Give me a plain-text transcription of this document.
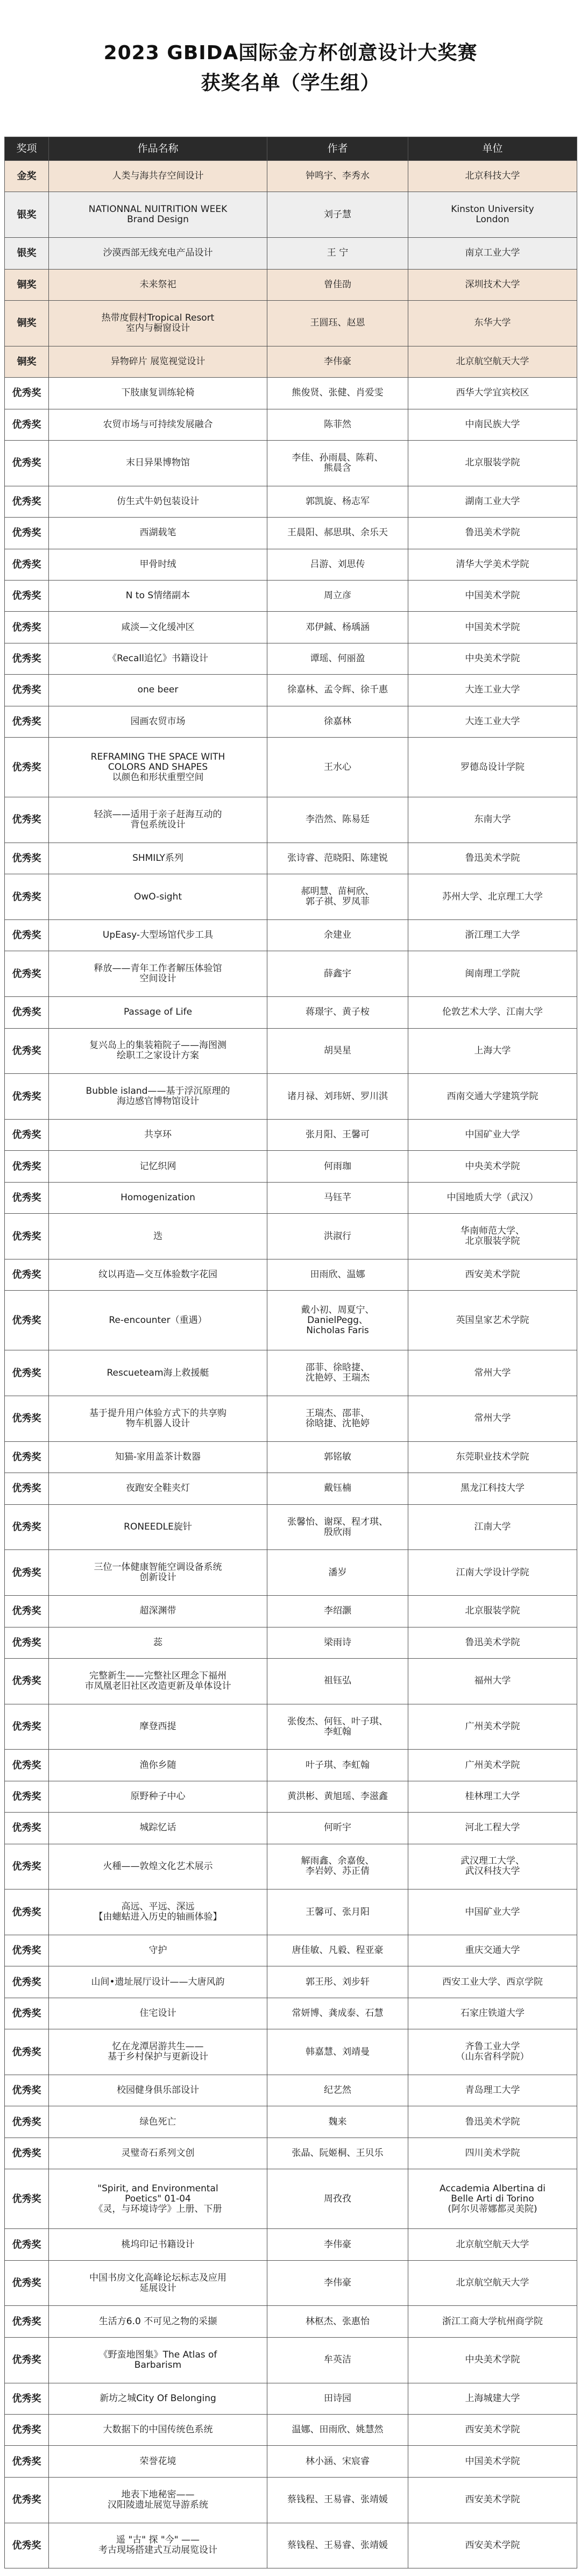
2023 GBIDA国际金方杯创意设计大奖赛
获奖名单（学生组）
奖项	作品名称	作者	单位
金奖	人类与海共存空间设计	钟鸣宇、李秀水	北京科技大学
银奖	NATIONNAL NUITRITION WEEK
Brand Design	刘子慧	Kinston University
London
银奖	沙漠西部无线充电产品设计	王 宁	南京工业大学
铜奖	未来祭祀	曾佳劭	深圳技术大学
铜奖	热带度假村Tropical Resort
室内与橱窗设计	王圆珏、赵恩	东华大学
铜奖	异物碎片 展览视觉设计	李伟豪	北京航空航天大学
优秀奖	下肢康复训练轮椅	熊俊贤、张健、肖爱雯	西华大学宜宾校区
优秀奖	农贸市场与可持续发展融合	陈菲然	中南民族大学
优秀奖	末日异果博物馆	李佳、孙雨晨、陈莉、
熊晨含	北京服装学院
优秀奖	仿生式牛奶包装设计	郭凯旋、杨志军	湖南工业大学
优秀奖	西湖载笔	王晨阳、郝思琪、余乐天	鲁迅美术学院
优秀奖	甲骨时绒	吕游、刘思传	清华大学美术学院
优秀奖	N to S情绪副本	周立彦	中国美术学院
优秀奖	咸淡—文化缓冲区	邓伊鋮、杨瑀涵	中国美术学院
优秀奖	《Recall追忆》书籍设计	谭瑶、何丽盈	中央美术学院
优秀奖	one beer	徐嘉林、孟令辉、徐千惠	大连工业大学
优秀奖	园画农贸市场	徐嘉林	大连工业大学
优秀奖	REFRAMING THE SPACE WITH
COLORS AND SHAPES
以颜色和形状重塑空间	王水心	罗德岛设计学院
优秀奖	轻滨——适用于亲子赶海互动的
背包系统设计	李浩然、陈易廷	东南大学
优秀奖	SHMILY系列	张诗睿、范晓阳、陈建锐	鲁迅美术学院
优秀奖	OwO-sight	郝明慧、苗柯欣、
郭子祺、罗凤菲	苏州大学、北京理工大学
优秀奖	UpEasy-大型场馆代步工具	余建业	浙江理工大学
优秀奖	释放——青年工作者解压体验馆
空间设计	薛鑫宇	闽南理工学院
优秀奖	Passage of Life	蒋璟宇、黄子桉	伦敦艺术大学、江南大学
优秀奖	复兴岛上的集装箱院子——海图测
绘职工之家设计方案	胡昊星	上海大学
优秀奖	Bubble island——基于浮沉原理的
海边感官博物馆设计	诸月禄、刘玮妍、罗川淇	西南交通大学建筑学院
优秀奖	共享环	张月阳、王馨可	中国矿业大学
优秀奖	记忆织网	何雨珈	中央美术学院
优秀奖	Homogenization	马钰芊	中国地质大学（武汉）
优秀奖	迭	洪淑行	华南师范大学、
北京服装学院
优秀奖	纹以再造—交互体验数字花园	田雨欣、温娜	西安美术学院
优秀奖	Re-encounter（重遇）	戴小初、周夏宁、
DanielPegg、
Nicholas Faris	英国皇家艺术学院
优秀奖	Rescueteam海上救援艇	邵菲、徐晗捷、
沈艳婷、王瑞杰	常州大学
优秀奖	基于提升用户体验方式下的共享购
物车机器人设计	王瑞杰、邵菲、
徐晗捷、沈艳婷	常州大学
优秀奖	知猫-家用盖茶计数器	郭铭敏	东莞职业技术学院
优秀奖	夜跑安全鞋夹灯	戴钰楠	黑龙江科技大学
优秀奖	RONEEDLE旋针	张馨怡、谢琛、程才琪、
殷欣雨	江南大学
优秀奖	三位一体健康智能空调设备系统
创新设计	潘岁	江南大学设计学院
优秀奖	超深渊带	李绍灏	北京服装学院
优秀奖	蕊	梁雨诗	鲁迅美术学院
优秀奖	完整新生——完整社区理念下福州
市凤凰老旧社区改造更新及单体设计	祖钰弘	福州大学
优秀奖	摩登西提	张俊杰、何钰、叶子琪、
李虹翰	广州美术学院
优秀奖	渔你乡随	叶子琪、李虹翰	广州美术学院
优秀奖	原野种子中心	黄洪彬、黄旭瑶、李滋鑫	桂林理工大学
优秀奖	城踪忆话	何昕宇	河北工程大学
优秀奖	火種——敦煌文化艺术展示	解雨鑫、余嘉俊、
李岩婷、苏正倩	武汉理工大学、
武汉科技大学
优秀奖	高远、平远、深远
【由蟪蛄进入历史的轴画体验】	王馨可、张月阳	中国矿业大学
优秀奖	守护	唐佳敏、凡毅、程亚豪	重庆交通大学
优秀奖	山间•遗址展厅设计——大唐风韵	郭王彤、刘步轩	西安工业大学、西京学院
优秀奖	住宅设计	常妍博、龚成泰、石慧	石家庄铁道大学
优秀奖	忆在龙潭居游共生——
基于乡村保护与更新设计	韩嘉慧、刘靖曼	齐鲁工业大学
（山东省科学院）
优秀奖	校园健身俱乐部设计	纪艺然	青岛理工大学
优秀奖	绿色死亡	魏来	鲁迅美术学院
优秀奖	灵璧奇石系列文创	张晶、阮姬桐、王贝乐	四川美术学院
优秀奖	"Spirit, and Environmental
Poetics" 01-04
《灵，与环境诗学》上册、下册	周孜孜	Accademia Albertina di
Belle Arti di Torino
(阿尔贝蒂娜都灵美院)
优秀奖	桃坞印记书籍设计	李伟豪	北京航空航天大学
优秀奖	中国书房文化高峰论坛标志及应用
延展设计	李伟豪	北京航空航天大学
优秀奖	生活方6.0 不可见之物的采撷	林枢杰、张惠怡	浙江工商大学杭州商学院
优秀奖	《野蛮地图集》The Atlas of
Barbarism	牟英洁	中央美术学院
优秀奖	新坊之城City Of Belonging	田诗园	上海城建大学
优秀奖	大数据下的中国传统色系统	温娜、田雨欣、姚慧然	西安美术学院
优秀奖	荣誉花境	林小涵、宋宸睿	中国美术学院
优秀奖	地表下地秘密——
汉阳陵遗址展览导游系统	蔡钱程、王易睿、张靖媛	西安美术学院
优秀奖	遥 "古" 探 "今" ——
考古现场搭建式互动展览设计	蔡钱程、王易睿、张靖媛	西安美术学院
